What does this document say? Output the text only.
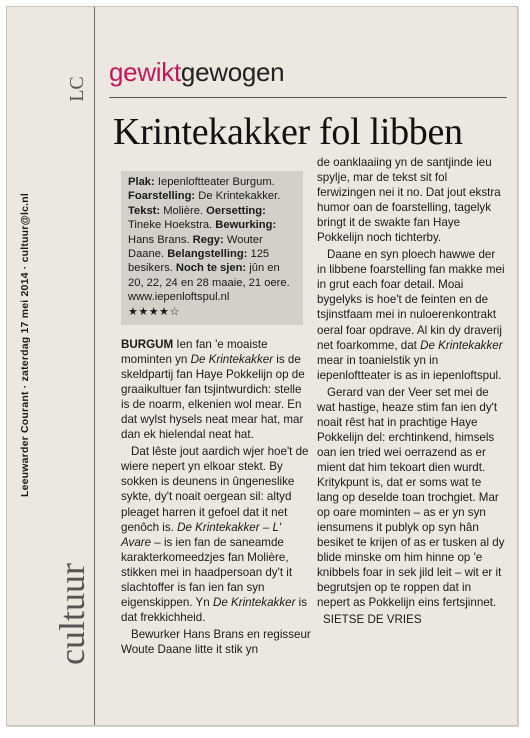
Leeuwarder Courant · zaterdag 17 mei 2014 · cultuur@lc.nl
LC
cultuur
gewiktgewogen
Krintekakker fol libben
Plak: Iepenloftteater Burgum. Foarstelling: De Krintekakker. Tekst: Molière. Oersetting: Tineke Hoekstra. Bewurking: Hans Brans. Regy: Wouter Daane. Belangstelling: 125 besikers. Noch te sjen: jûn en 20, 22, 24 en 28 maaie, 21 oere.
www.iepenloftspul.nl
★★★★☆

BURGUM Ien fan 'e moaiste mominten yn De Krintekakker is de skeldpartij fan Haye Pokkelijn op de graaikultuer fan tsjintwurdich: stelle is de noarm, elkenien wol mear. En dat wylst hysels neat mear hat, mar dan ek hielendal neat hat.

Dat lêste jout aardich wjer hoe't de wiere nepert yn elkoar stekt. By sokken is deunens in ûngeneslike sykte, dy't noait oergean sil: altyd pleaget harren it gefoel dat it net genôch is. De Krintekakker – L' Avare – is ien fan de saneamde karakterkomeedzjes fan Molière, stikken mei in haadpersoan dy't it slachtoffer is fan ien fan syn eigenskippen. Yn De Krintekakker is dat frekkichheid.

Bewurker Hans Brans en regisseur Woute Daane litte it stik yn

de oanklaaiing yn de santjinde ieu spylje, mar de tekst sit fol ferwizingen nei it no. Dat jout ekstra humor oan de foarstelling, tagelyk bringt it de swakte fan Haye Pokkelijn noch tichterby.

Daane en syn ploech hawwe der in libbene foarstelling fan makke mei in grut each foar detail. Moai bygelyks is hoe't de feinten en de tsjinstfaam mei in nuloerenkontrakt oeral foar opdrave. Al kin dy draverij net foarkomme, dat De Krintekakker mear in toanielstik yn in iepenloftteater is as in iepenloftspul.

Gerard van der Veer set mei de wat hastige, heaze stim fan ien dy't noait rêst hat in prachtige Haye Pokkelijn del: erchtinkend, himsels oan ien tried wei oerrazend as er mient dat him tekoart dien wurdt. Kritykpunt is, dat er soms wat te lang op deselde toan trochgiet. Mar op oare mominten – as er yn syn iensumens it publyk op syn hân besiket te krijen of as er tusken al dy blide minske om him hinne op 'e knibbels foar in sek jild leit – wit er it begrutsjen op te roppen dat in nepert as Pokkelijn eins fertsjinnet.

SIETSE DE VRIES
